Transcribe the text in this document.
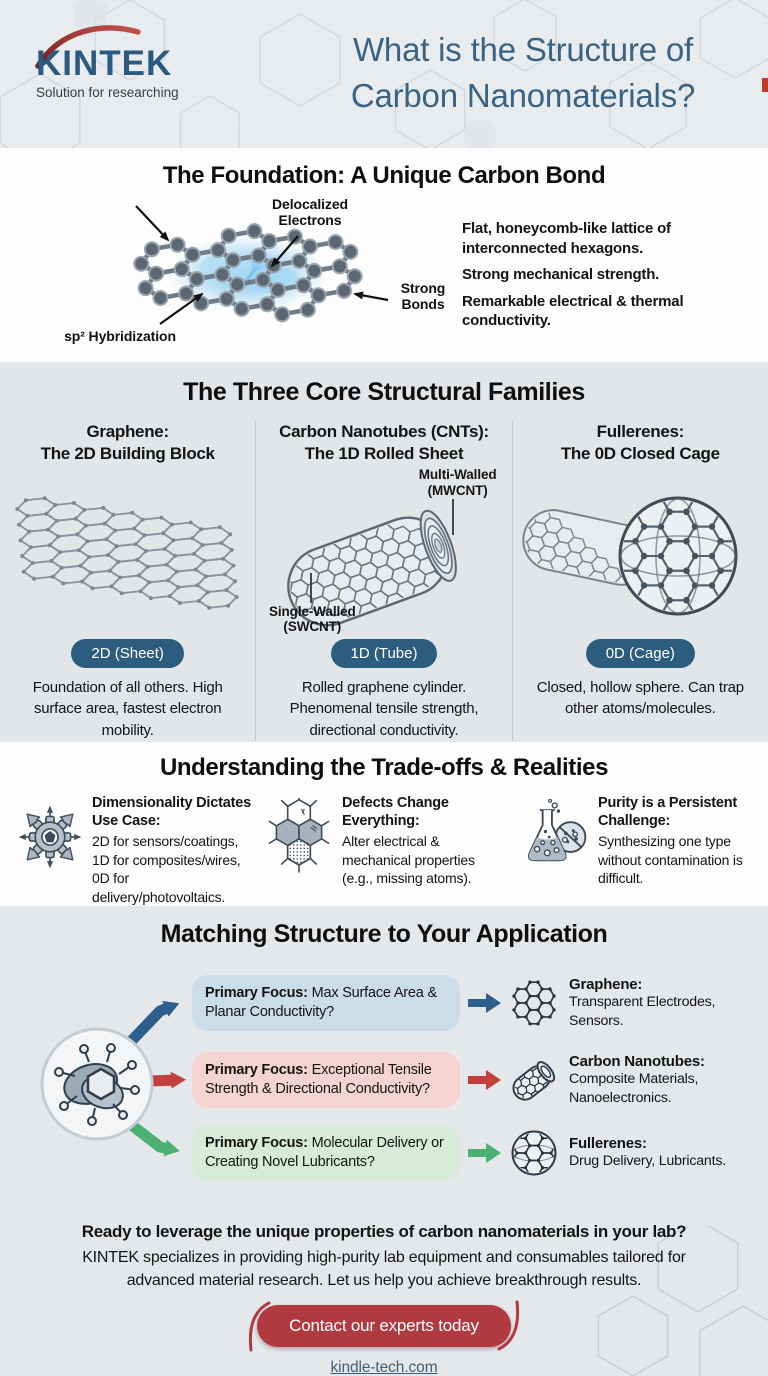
KINTEK
Solution for researching
What is the Structure of
Carbon Nanomaterials?
The Foundation: A Unique Carbon Bond
Delocalized Electrons
Strong Bonds
sp² Hybridization

Flat, honeycomb-like lattice of interconnected hexagons.

Strong mechanical strength.

Remarkable electrical & thermal conductivity.

The Three Core Structural Families
Graphene:
The 2D Building Block
2D (Sheet)
Foundation of all others. High surface area, fastest electron mobility.
Carbon Nanotubes (CNTs):
The 1D Rolled Sheet
Multi-Walled (MWCNT)
Single-Walled (SWCNT)
1D (Tube)
Rolled graphene cylinder. Phenomenal tensile strength, directional conductivity.
Fullerenes:
The 0D Closed Cage
0D (Cage)
Closed, hollow sphere. Can trap other atoms/molecules.
Understanding the Trade-offs & Realities
Dimensionality Dictates Use Case:
2D for sensors/coatings, 1D for composites/wires, 0D for delivery/photovoltaics.
Defects Change Everything:
Alter electrical & mechanical properties (e.g., missing atoms).
Purity is a Persistent Challenge:
Synthesizing one type without contamination is difficult.
Matching Structure to Your Application
Primary Focus: Max Surface Area & Planar Conductivity?
Graphene:
Transparent Electrodes, Sensors.
Primary Focus: Exceptional Tensile Strength & Directional Conductivity?
Carbon Nanotubes:
Composite Materials, Nanoelectronics.
Primary Focus: Molecular Delivery or Creating Novel Lubricants?
Fullerenes:
Drug Delivery, Lubricants.
Ready to leverage the unique properties of carbon nanomaterials in your lab?
KINTEK specializes in providing high-purity lab equipment and consumables tailored for advanced material research. Let us help you achieve breakthrough results.
Contact our experts today
kindle-tech.com
